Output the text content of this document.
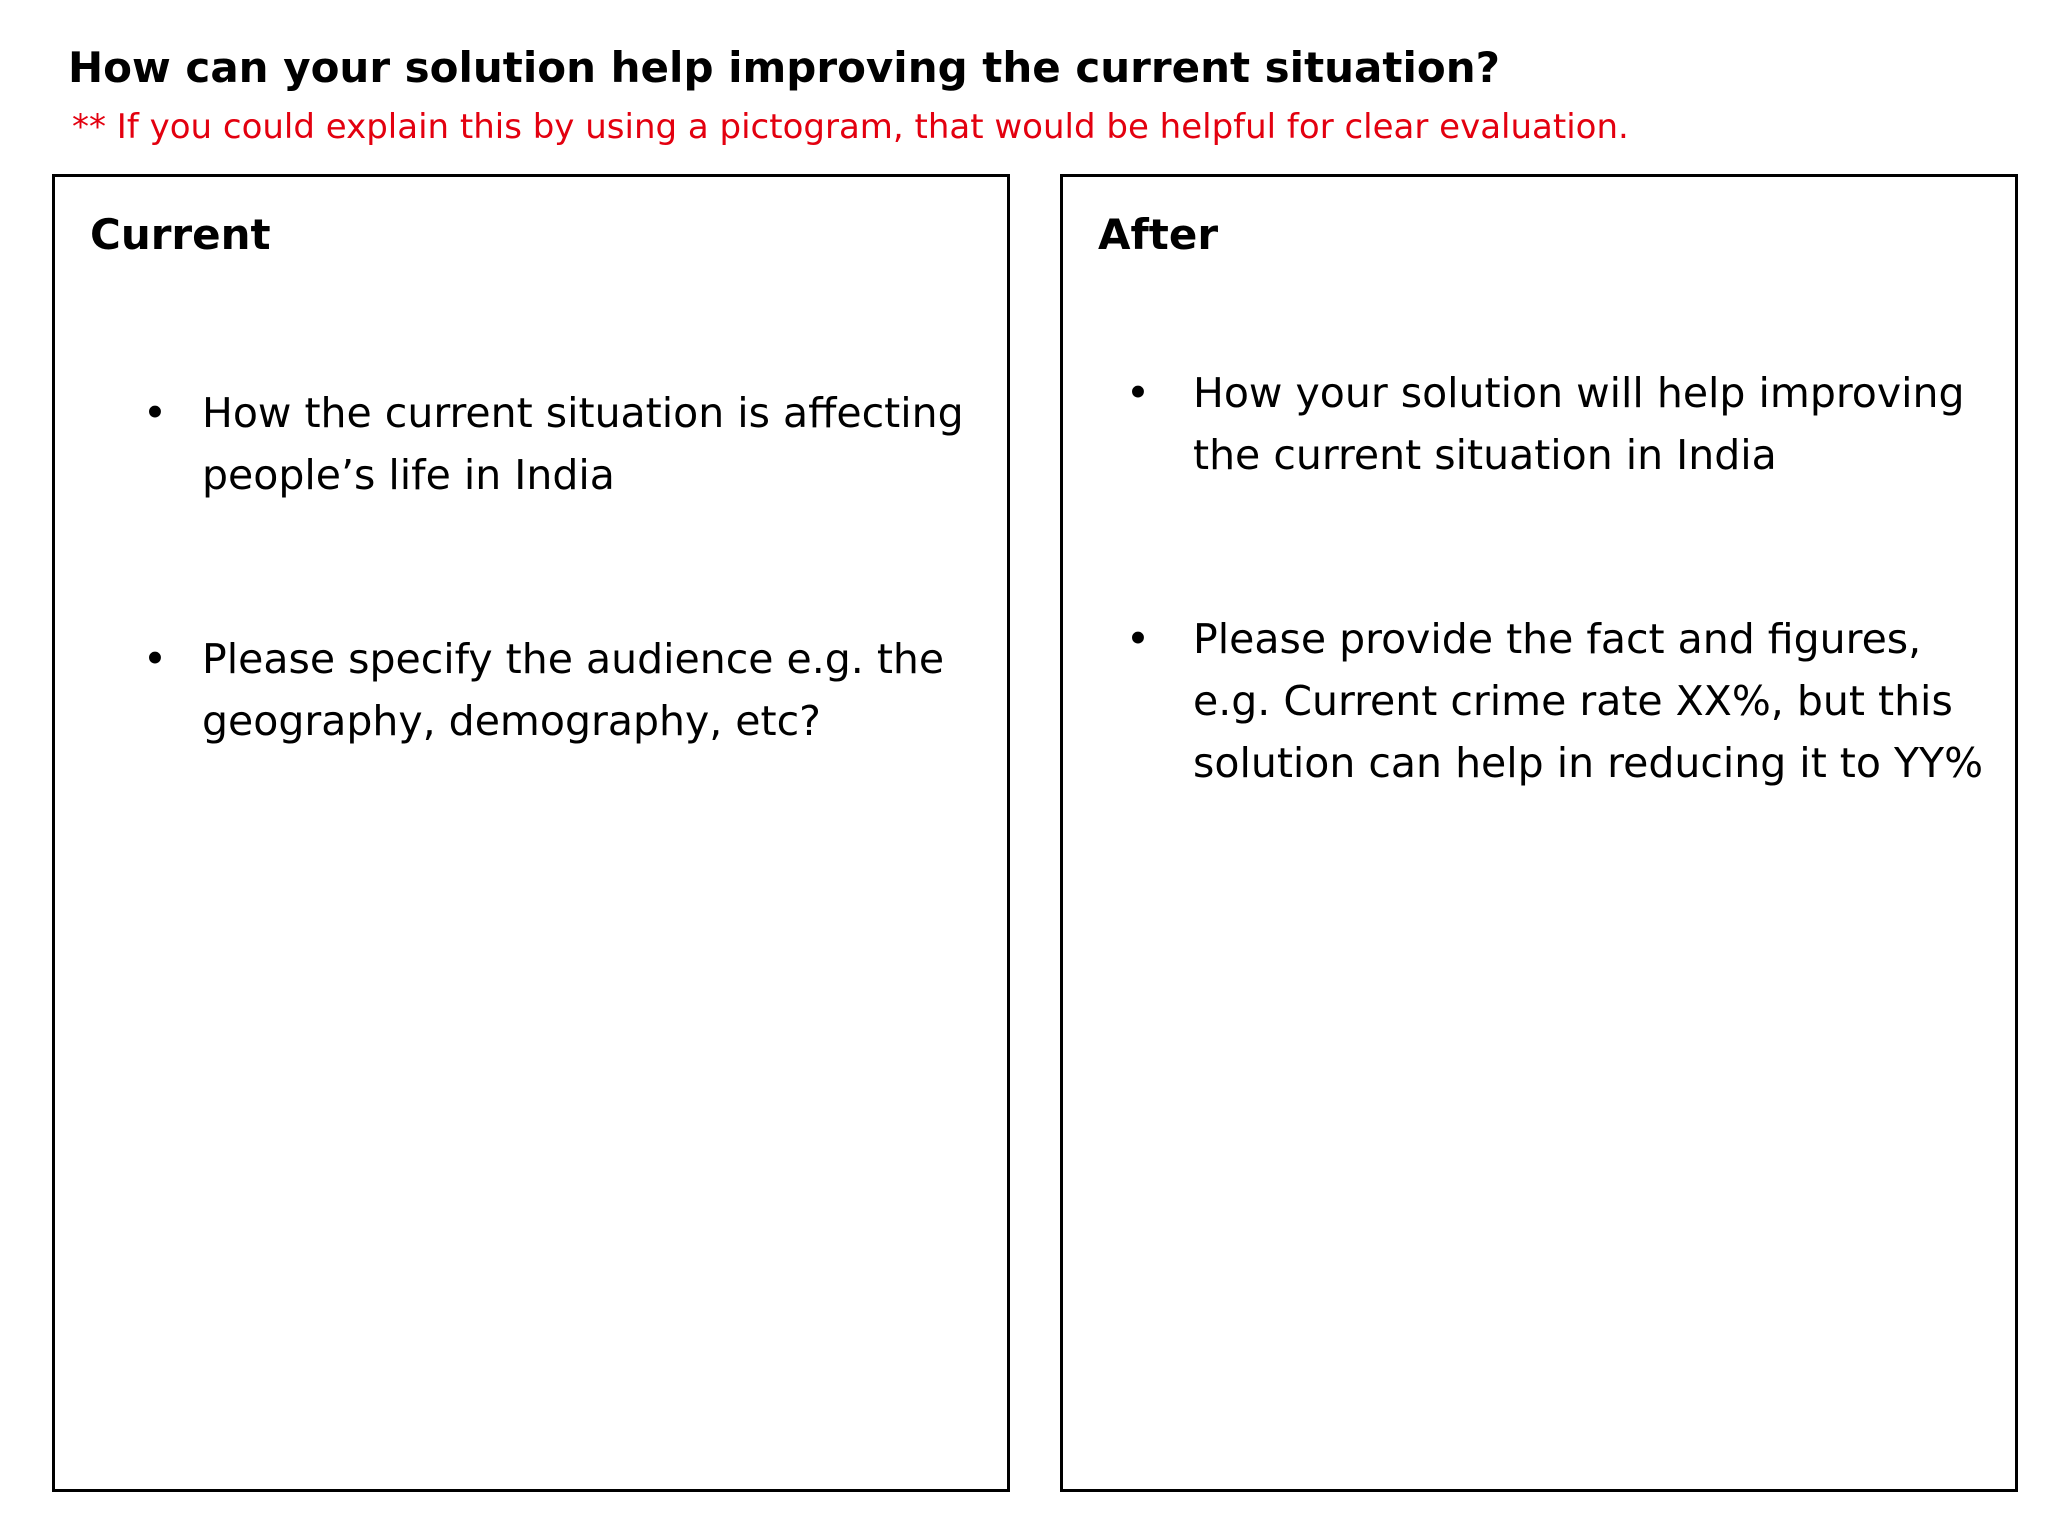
How can your solution help improving the current situation?
** If you could explain this by using a pictogram, that would be helpful for clear evaluation.
Current
• How the current situation is affecting people’s life in India
• Please specify the audience e.g. the geography, demography, etc?
After
• How your solution will help improving the current situation in India
• Please provide the fact and figures, e.g. Current crime rate XX%, but this solution can help in reducing it to YY%
